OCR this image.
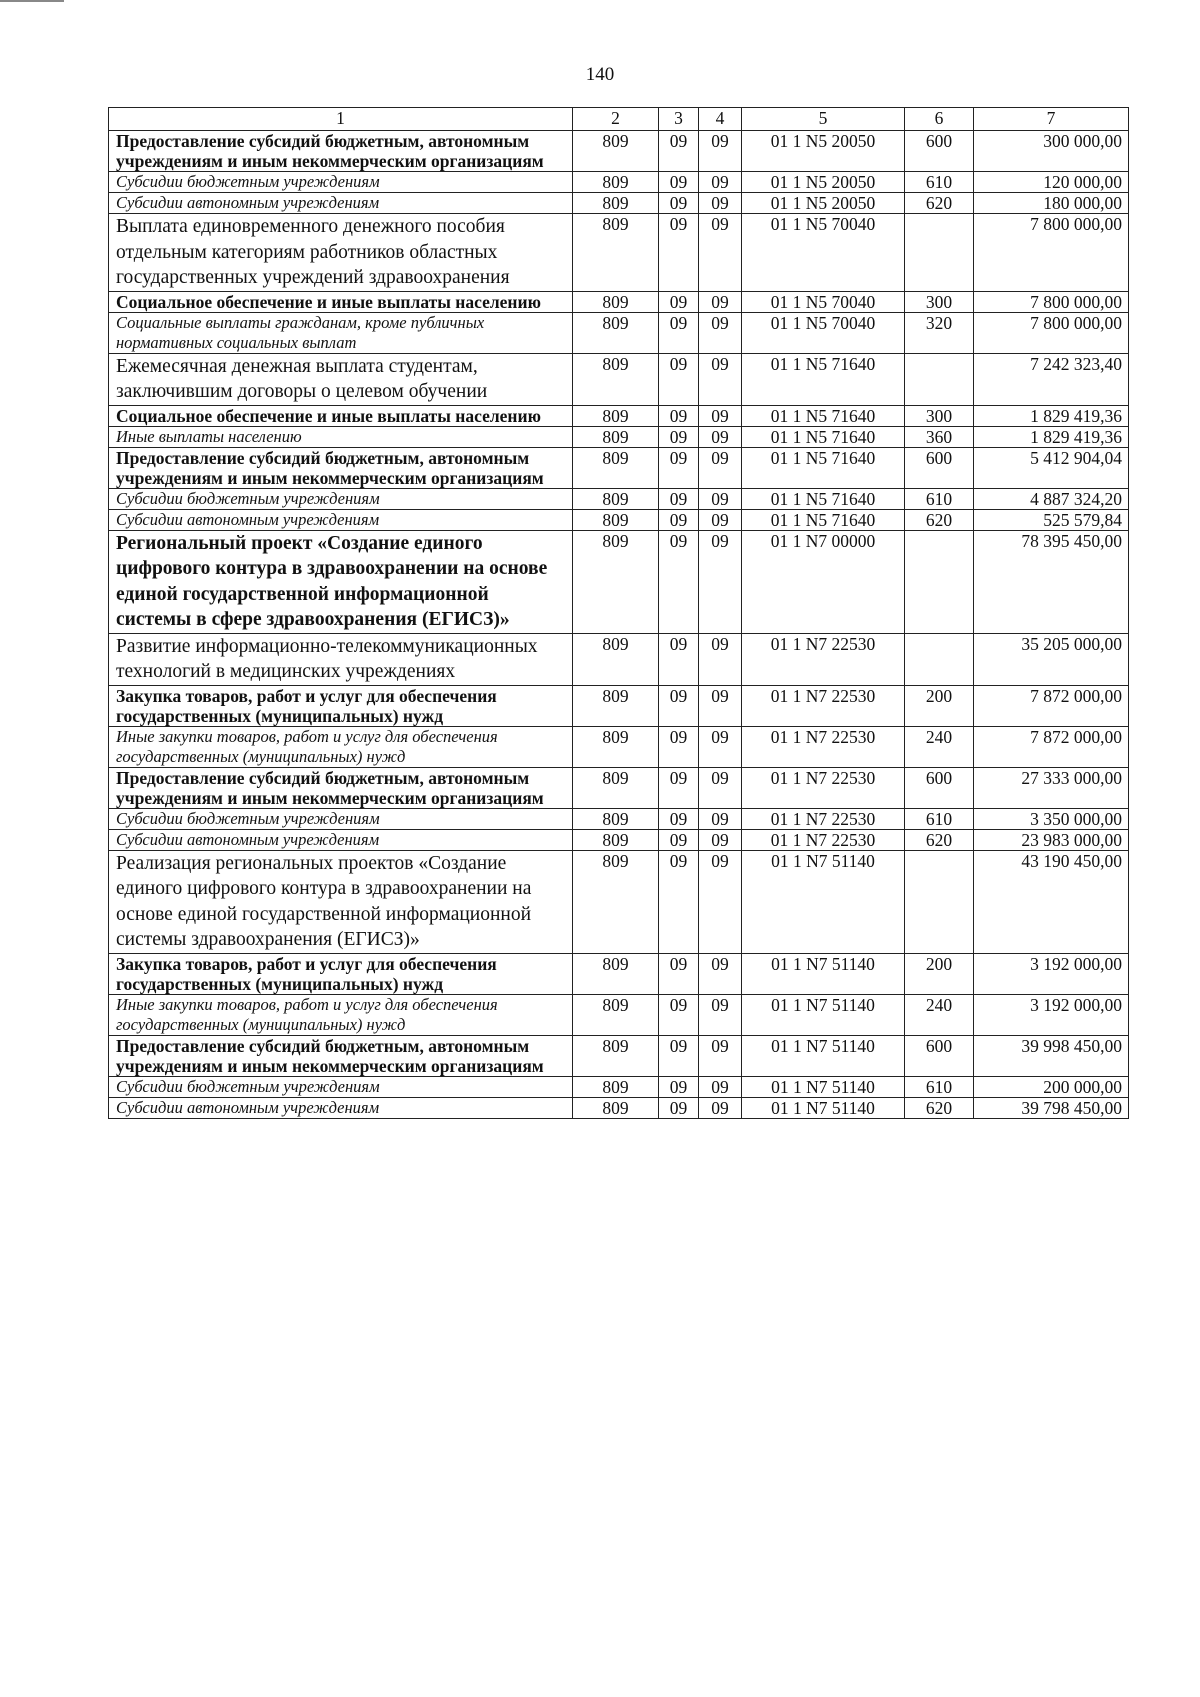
140
1	2	3	4	5	6	7
Предоставление субсидий бюджетным, автономным учреждениям и иным некоммерческим организациям	809	09	09	01 1 N5 20050	600	300 000,00
Субсидии бюджетным учреждениям	809	09	09	01 1 N5 20050	610	120 000,00
Субсидии автономным учреждениям	809	09	09	01 1 N5 20050	620	180 000,00
Выплата единовременного денежного пособия отдельным категориям работников областных государственных учреждений здравоохранения	809	09	09	01 1 N5 70040		7 800 000,00
Социальное обеспечение и иные выплаты населению	809	09	09	01 1 N5 70040	300	7 800 000,00
Социальные выплаты гражданам, кроме публичных нормативных социальных выплат	809	09	09	01 1 N5 70040	320	7 800 000,00
Ежемесячная денежная выплата студентам, заключившим договоры о целевом обучении	809	09	09	01 1 N5 71640		7 242 323,40
Социальное обеспечение и иные выплаты населению	809	09	09	01 1 N5 71640	300	1 829 419,36
Иные выплаты населению	809	09	09	01 1 N5 71640	360	1 829 419,36
Предоставление субсидий бюджетным, автономным учреждениям и иным некоммерческим организациям	809	09	09	01 1 N5 71640	600	5 412 904,04
Субсидии бюджетным учреждениям	809	09	09	01 1 N5 71640	610	4 887 324,20
Субсидии автономным учреждениям	809	09	09	01 1 N5 71640	620	525 579,84
Региональный проект «Создание единого цифрового контура в здравоохранении на основе единой государственной информационной системы в сфере здравоохранения (ЕГИСЗ)»	809	09	09	01 1 N7 00000		78 395 450,00
Развитие информационно-телекоммуникационных технологий в медицинских учреждениях	809	09	09	01 1 N7 22530		35 205 000,00
Закупка товаров, работ и услуг для обеспечения государственных (муниципальных) нужд	809	09	09	01 1 N7 22530	200	7 872 000,00
Иные закупки товаров, работ и услуг для обеспечения государственных (муниципальных) нужд	809	09	09	01 1 N7 22530	240	7 872 000,00
Предоставление субсидий бюджетным, автономным учреждениям и иным некоммерческим организациям	809	09	09	01 1 N7 22530	600	27 333 000,00
Субсидии бюджетным учреждениям	809	09	09	01 1 N7 22530	610	3 350 000,00
Субсидии автономным учреждениям	809	09	09	01 1 N7 22530	620	23 983 000,00
Реализация региональных проектов «Создание единого цифрового контура в здравоохранении на основе единой государственной информационной системы здравоохранения (ЕГИСЗ)»	809	09	09	01 1 N7 51140		43 190 450,00
Закупка товаров, работ и услуг для обеспечения государственных (муниципальных) нужд	809	09	09	01 1 N7 51140	200	3 192 000,00
Иные закупки товаров, работ и услуг для обеспечения государственных (муниципальных) нужд	809	09	09	01 1 N7 51140	240	3 192 000,00
Предоставление субсидий бюджетным, автономным учреждениям и иным некоммерческим организациям	809	09	09	01 1 N7 51140	600	39 998 450,00
Субсидии бюджетным учреждениям	809	09	09	01 1 N7 51140	610	200 000,00
Субсидии автономным учреждениям	809	09	09	01 1 N7 51140	620	39 798 450,00
